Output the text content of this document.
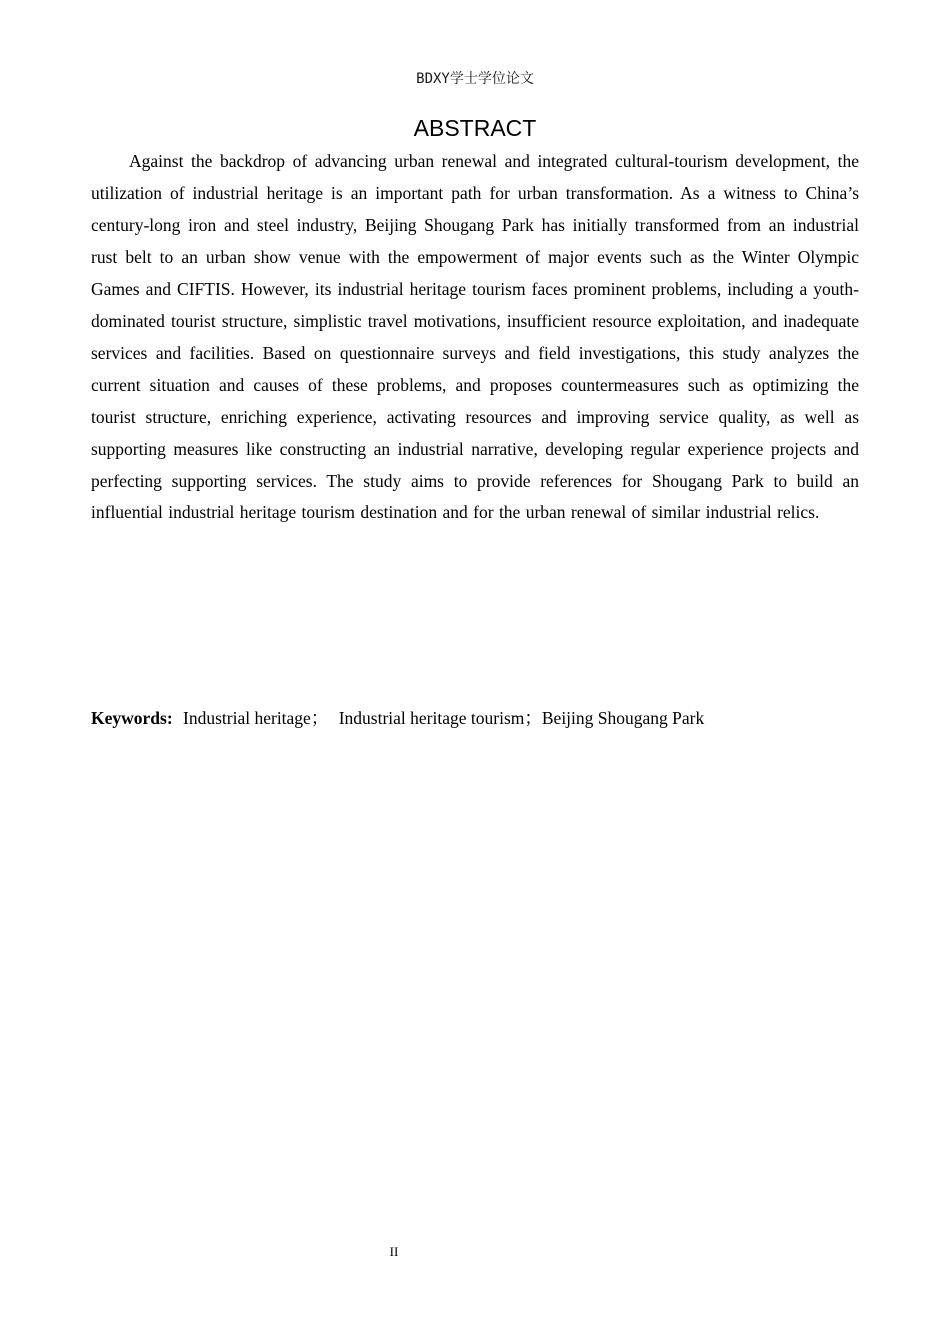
BDXY学士学位论文
ABSTRACT

Against the backdrop of advancing urban renewal and integrated cultural-tourism development, the utilization of industrial heritage is an important path for urban transformation. As a witness to China’s century-long iron and steel industry, Beijing Shougang Park has initially transformed from an industrial rust belt to an urban show venue with the empowerment of major events such as the Winter Olympic Games and CIFTIS. However, its industrial heritage tourism faces prominent problems, including a youth-dominated tourist structure, simplistic travel motivations, insufficient resource exploitation, and inadequate services and facilities. Based on questionnaire surveys and field investigations, this study analyzes the current situation and causes of these problems, and proposes countermeasures such as optimizing the tourist structure, enriching experience, activating resources and improving service quality, as well as supporting measures like constructing an industrial narrative, developing regular experience projects and perfecting supporting services. The study aims to provide references for Shougang Park to build an influential industrial heritage tourism destination and for the urban renewal of similar industrial relics.

Keywords: Industrial heritage； Industrial heritage tourism；Beijing Shougang Park

II
